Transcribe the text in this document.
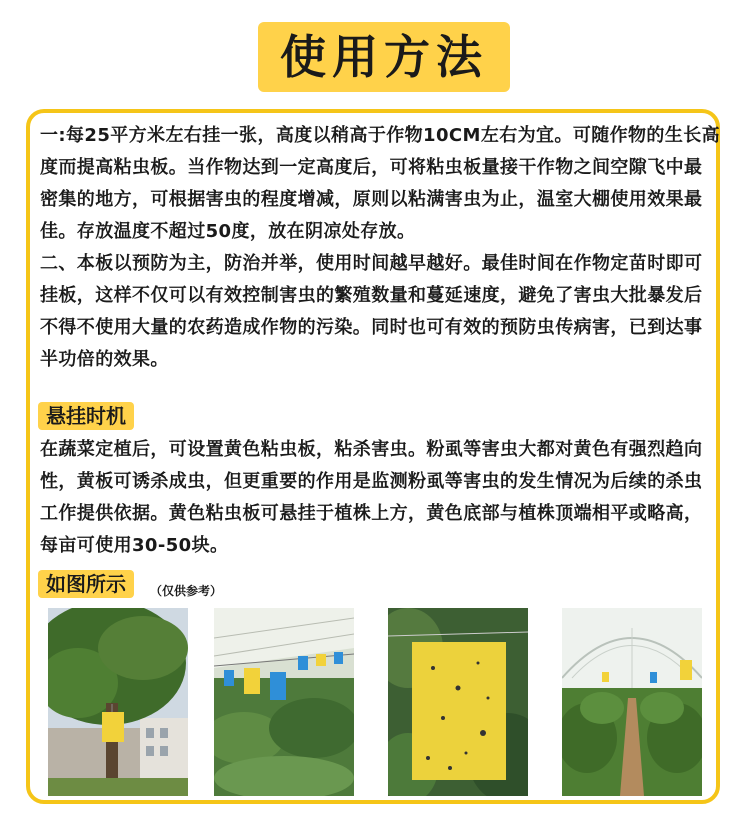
使用方法

一:每25平方米左右挂一张，高度以稍高于作物10CM左右为宜。可随作物的生长高度而提高粘虫板。当作物达到一定高度后，可将粘虫板量接干作物之间空隙飞中最密集的地方，可根据害虫的程度增减，原则以粘满害虫为止，温室大棚使用效果最佳。存放温度不超过50度，放在阴凉处存放。

二、本板以预防为主，防治并举，使用时间越早越好。最佳时间在作物定苗时即可挂板，这样不仅可以有效控制害虫的繁殖数量和蔓延速度，避免了害虫大批暴发后不得不使用大量的农药造成作物的污染。同时也可有效的预防虫传病害，已到达事半功倍的效果。

悬挂时机

在蔬菜定植后，可设置黄色粘虫板，粘杀害虫。粉虱等害虫大都对黄色有强烈趋向性，黄板可诱杀成虫，但更重要的作用是监测粉虱等害虫的发生情况为后续的杀虫工作提供依据。黄色粘虫板可悬挂于植株上方，黄色底部与植株顶端相平或略高，每亩可使用30-50块。

如图所示	（仅供参考）
